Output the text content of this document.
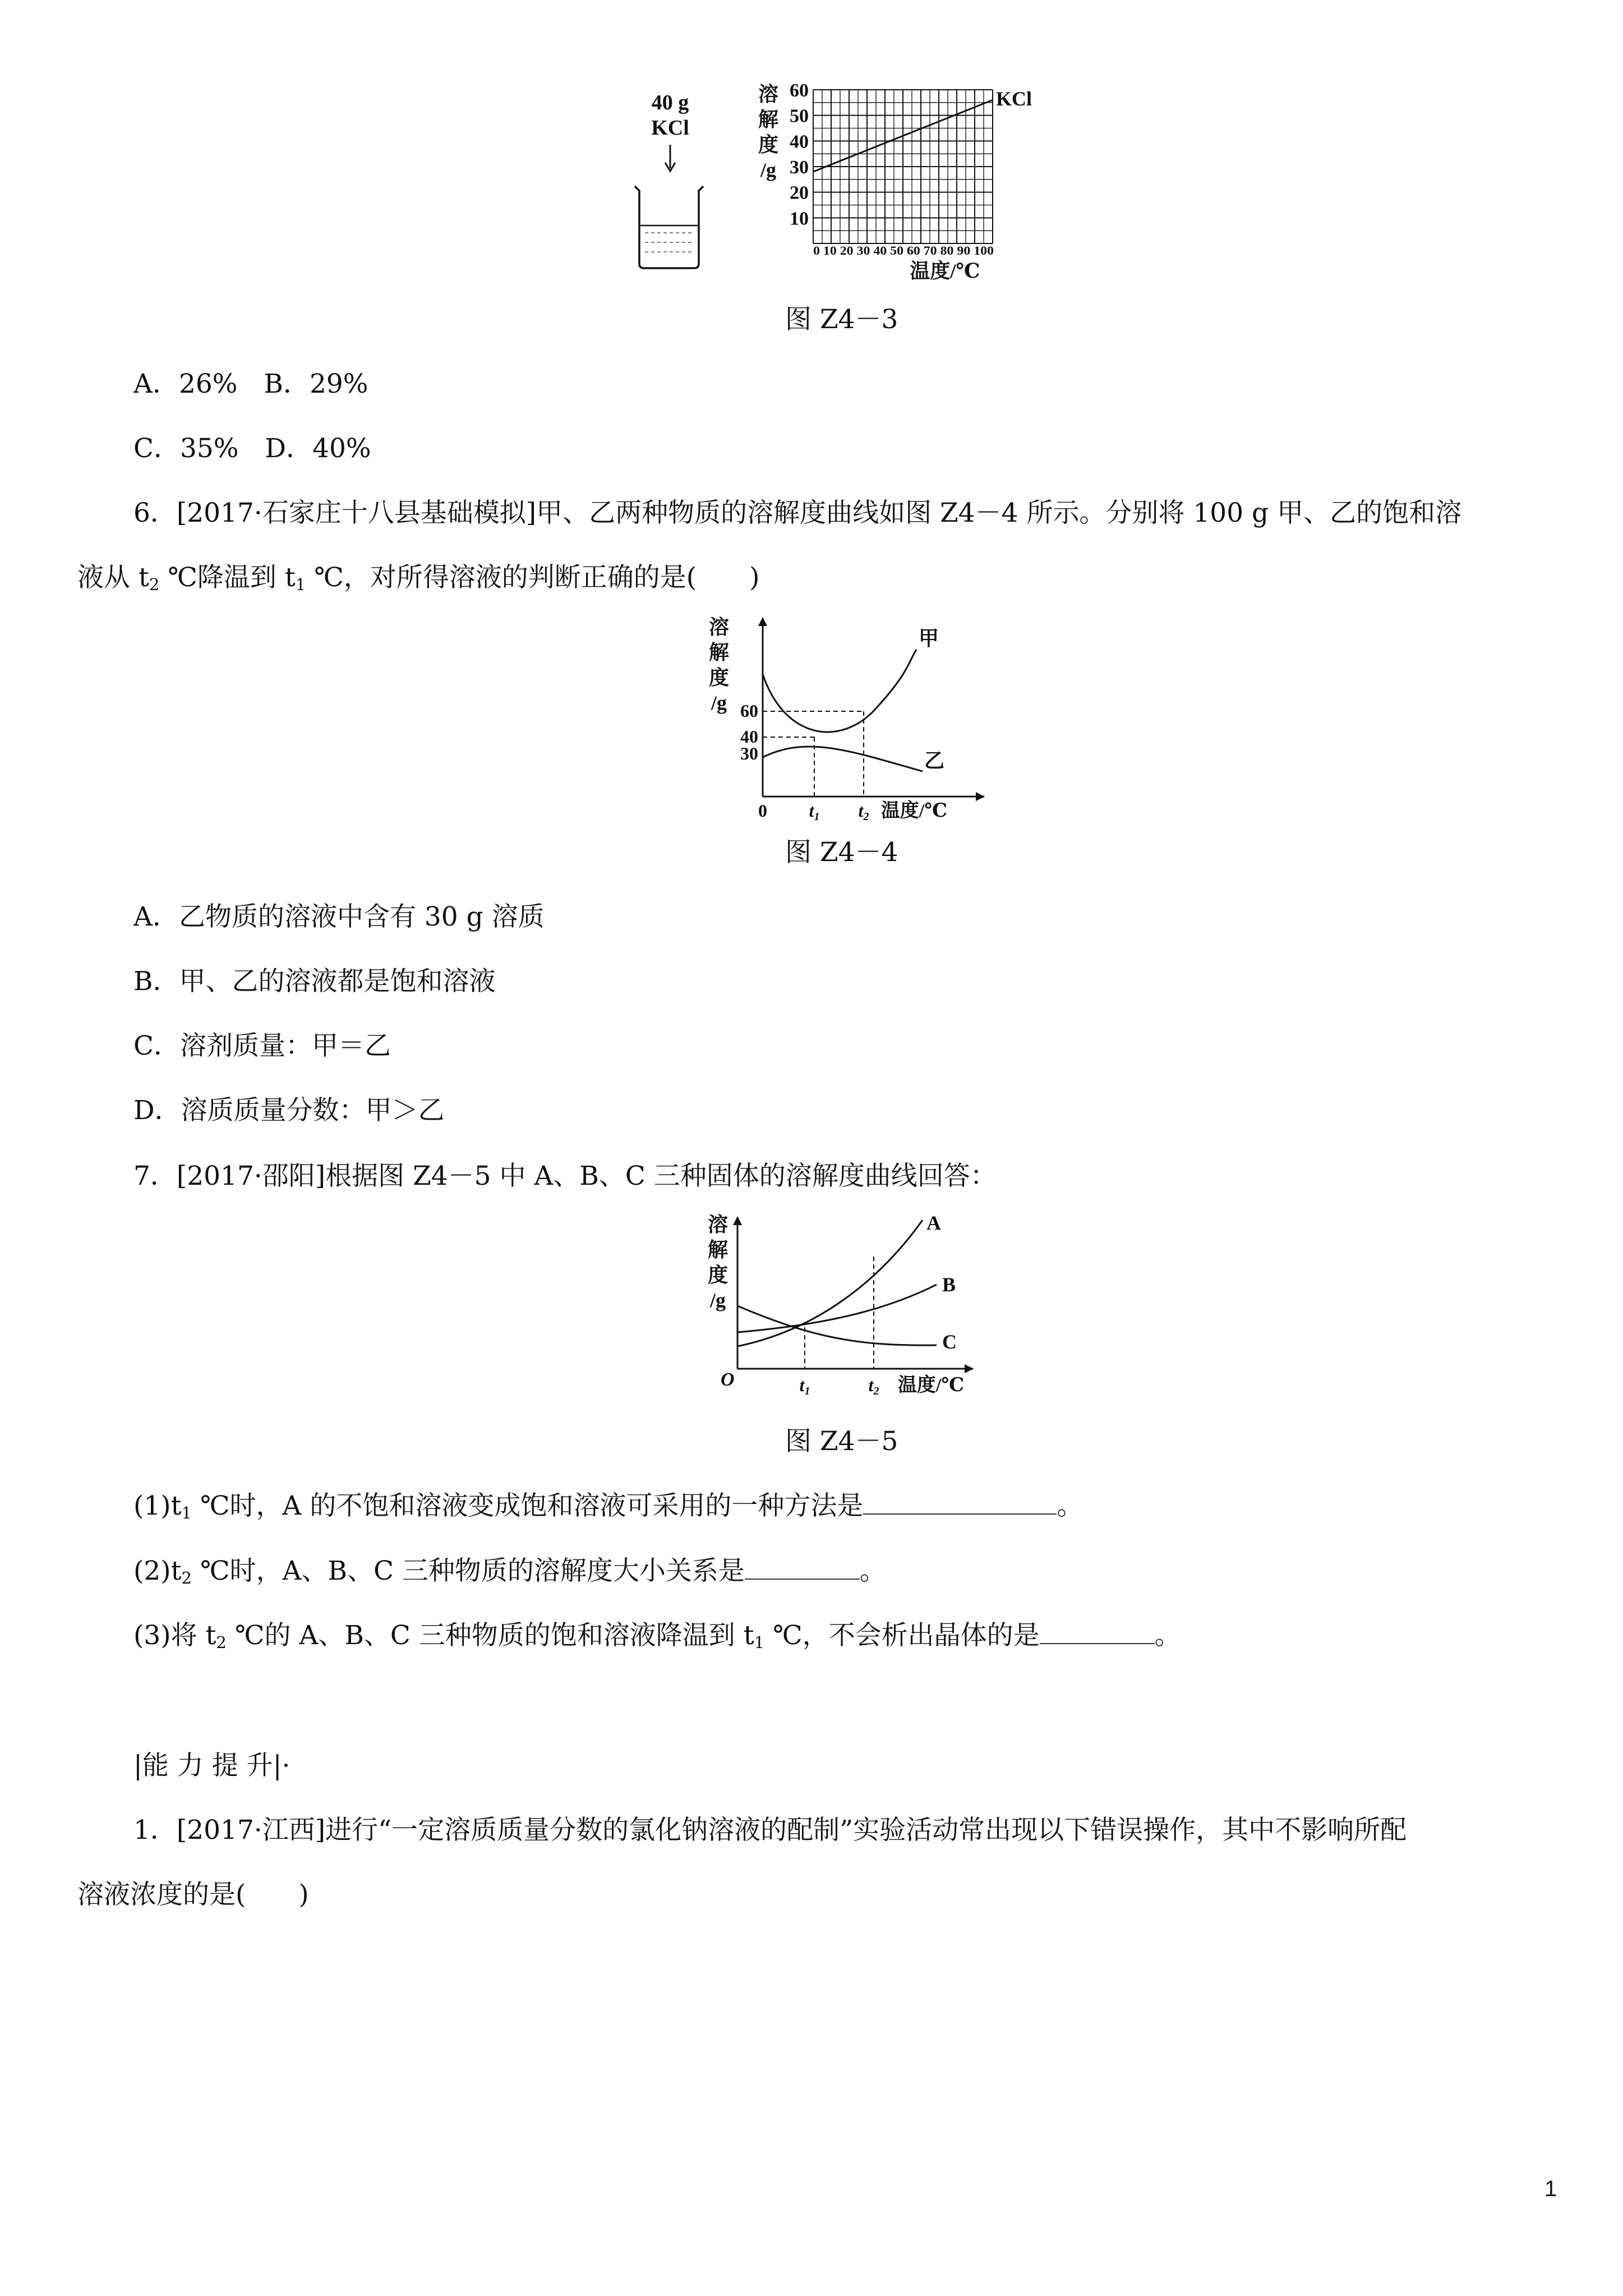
40 g
KCl
溶
解
度
/g
60
50
40
30
20
10
0 10 20 30 40 50 60 70 80 90 100
温度/℃
KCl
图 Z4－3
A．26%　B．29%
C．35%　D．40%
6．[2017·石家庄十八县基础模拟]甲、乙两种物质的溶解度曲线如图 Z4－4 所示。分别将 100 g 甲、乙的饱和溶
液从 t2 ℃降温到 t1 ℃，对所得溶液的判断正确的是(　　)
溶
解
度
/g 60
40
30
0 t1 t2 温度/℃
甲
乙
图 Z4－4
A．乙物质的溶液中含有 30 g 溶质
B．甲、乙的溶液都是饱和溶液
C．溶剂质量：甲＝乙
D．溶质质量分数：甲＞乙
7．[2017·邵阳]根据图 Z4－5 中 A、B、C 三种固体的溶解度曲线回答：
溶
解
度
/g
A
B
C
O	t1	t2 温度/℃
图 Z4－5
(1)t1 ℃时，A 的不饱和溶液变成饱和溶液可采用的一种方法是	。
(2)t2 ℃时，A、B、C 三种物质的溶解度大小关系是	。
(3)将 t2 ℃的 A、B、C 三种物质的饱和溶液降温到 t1 ℃，不会析出晶体的是	。
|能 力 提 升|·
1．[2017·江西]进行“一定溶质质量分数的氯化钠溶液的配制”实验活动常出现以下错误操作，其中不影响所配
溶液浓度的是(　　)
1
